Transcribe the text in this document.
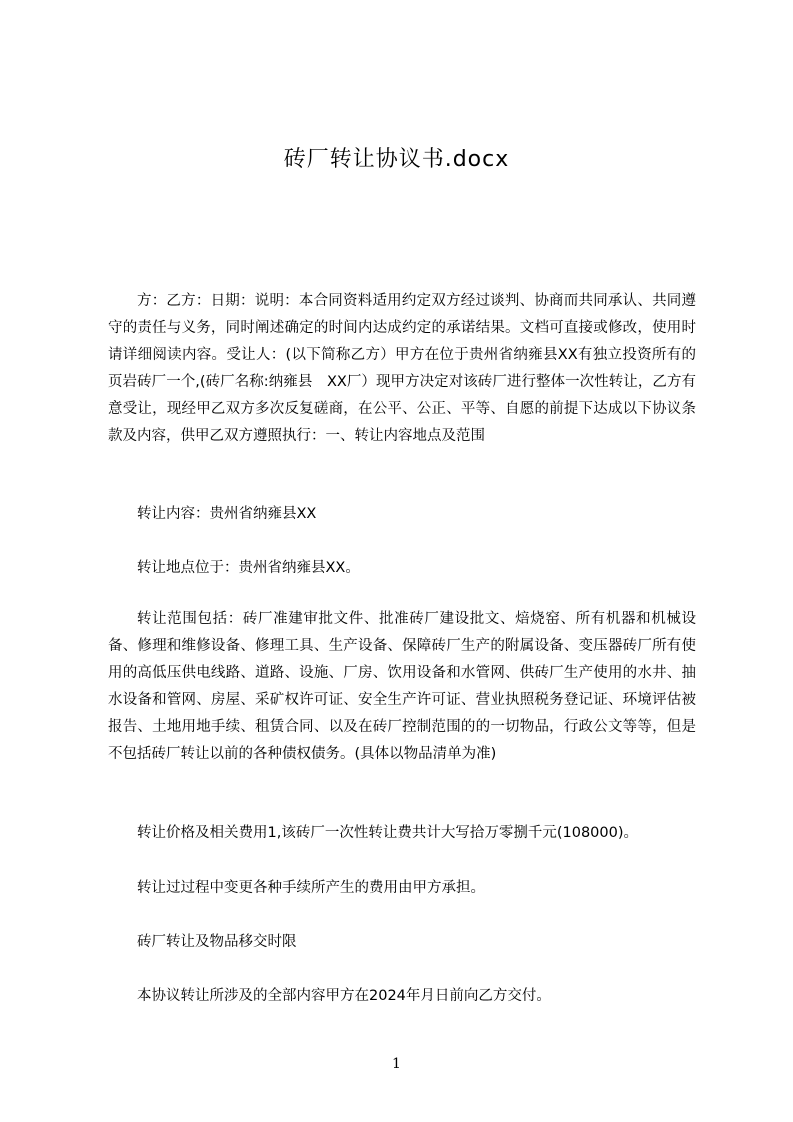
砖厂转让协议书.docx

方：乙方：日期：说明：本合同资料适用约定双方经过谈判、协商而共同承认、共同遵守的责任与义务，同时阐述确定的时间内达成约定的承诺结果。文档可直接或修改，使用时请详细阅读内容。受让人：(以下简称乙方）甲方在位于贵州省纳雍县XX有独立投资所有的页岩砖厂一个,(砖厂名称:纳雍县　XX厂）现甲方决定对该砖厂进行整体一次性转让，乙方有意受让，现经甲乙双方多次反复磋商，在公平、公正、平等、自愿的前提下达成以下协议条款及内容，供甲乙双方遵照执行：一、转让内容地点及范围

转让内容：贵州省纳雍县XX

转让地点位于：贵州省纳雍县XX。

转让范围包括：砖厂准建审批文件、批准砖厂建设批文、焙烧窑、所有机器和机械设备、修理和维修设备、修理工具、生产设备、保障砖厂生产的附属设备、变压器砖厂所有使用的高低压供电线路、道路、设施、厂房、饮用设备和水管网、供砖厂生产使用的水井、抽水设备和管网、房屋、采矿权许可证、安全生产许可证、营业执照税务登记证、环境评估被报告、土地用地手续、租赁合同、以及在砖厂控制范围的的一切物品，行政公文等等，但是不包括砖厂转让以前的各种债权债务。(具体以物品清单为准)

转让价格及相关费用1,该砖厂一次性转让费共计大写拾万零捌千元(108000)。

转让过过程中变更各种手续所产生的费用由甲方承担。

砖厂转让及物品移交时限

本协议转让所涉及的全部内容甲方在2024年月日前向乙方交付。

1
